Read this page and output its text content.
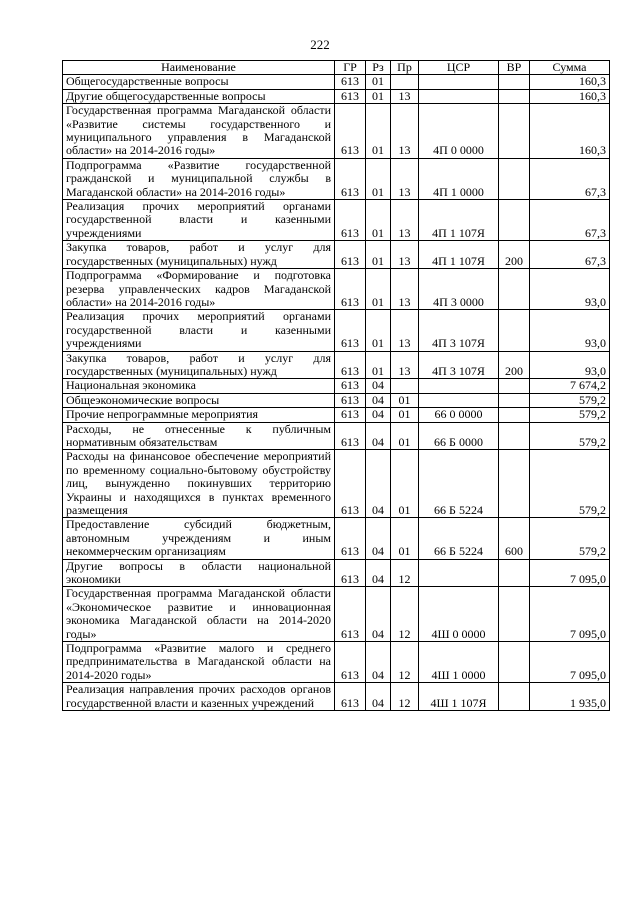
222
Наименование	ГР	Рз	Пр	ЦСР	ВР	Сумма
Общегосударственные вопросы	613	01				160,3
Другие общегосударственные вопросы	613	01	13			160,3
Государственная программа Магаданской области «Развитие системы государственного и муниципального управления в Магаданской области» на 2014-2016 годы»	613	01	13	4П 0 0000		160,3
Подпрограмма «Развитие государственной гражданской и муниципальной службы в Магаданской области» на 2014-2016 годы»	613	01	13	4П 1 0000		67,3
Реализация прочих мероприятий органами государственной власти и казенными учреждениями	613	01	13	4П 1 107Я		67,3
Закупка товаров, работ и услуг для государственных (муниципальных) нужд	613	01	13	4П 1 107Я	200	67,3
Подпрограмма «Формирование и подготовка резерва управленческих кадров Магаданской области» на 2014-2016 годы»	613	01	13	4П 3 0000		93,0
Реализация прочих мероприятий органами государственной власти и казенными учреждениями	613	01	13	4П 3 107Я		93,0
Закупка товаров, работ и услуг для государственных (муниципальных) нужд	613	01	13	4П 3 107Я	200	93,0
Национальная экономика	613	04				7 674,2
Общеэкономические вопросы	613	04	01			579,2
Прочие непрограммные мероприятия	613	04	01	66 0 0000		579,2
Расходы, не отнесенные к публичным нормативным обязательствам	613	04	01	66 Б 0000		579,2
Расходы на финансовое обеспечение мероприятий по временному социально-бытовому обустройству лиц, вынужденно покинувших территорию Украины и находящихся в пунктах временного размещения	613	04	01	66 Б 5224		579,2
Предоставление субсидий бюджетным, автономным учреждениям и иным некоммерческим организациям	613	04	01	66 Б 5224	600	579,2
Другие вопросы в области национальной экономики	613	04	12			7 095,0
Государственная программа Магаданской области «Экономическое развитие и инновационная экономика Магаданской области на 2014-2020 годы»	613	04	12	4Ш 0 0000		7 095,0
Подпрограмма «Развитие малого и среднего предпринимательства в Магаданской области на 2014-2020 годы»	613	04	12	4Ш 1 0000		7 095,0
Реализация направления прочих расходов органов государственной власти и казенных учреждений	613	04	12	4Ш 1 107Я		1 935,0
